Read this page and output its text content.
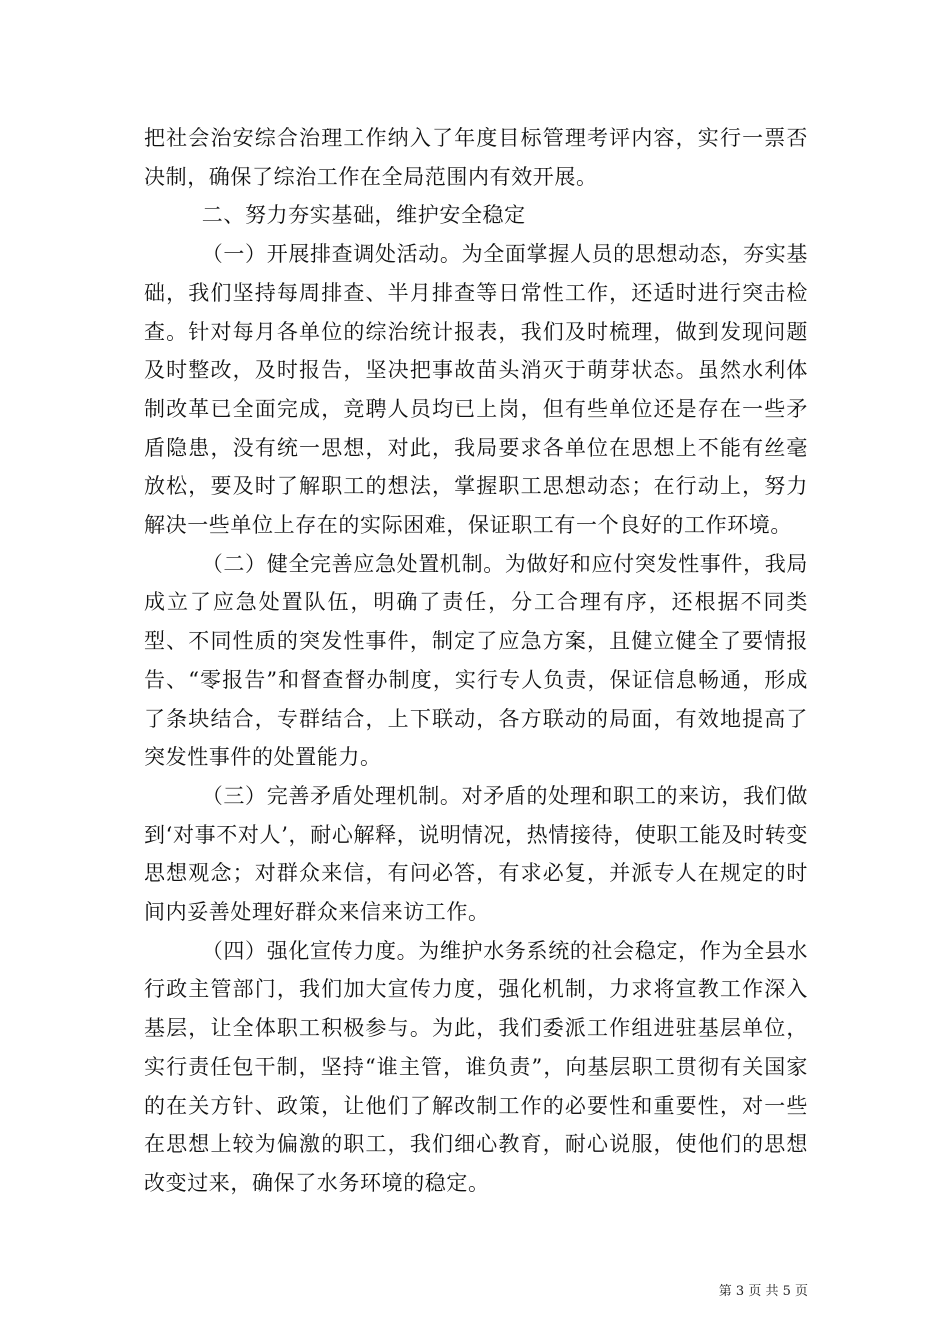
把社会治安综合治理工作纳入了年度目标管理考评内容，实行一票否决制，确保了综治工作在全局范围内有效开展。

二、努力夯实基础，维护安全稳定

（一）开展排查调处活动。为全面掌握人员的思想动态，夯实基础，我们坚持每周排查、半月排查等日常性工作，还适时进行突击检查。针对每月各单位的综治统计报表，我们及时梳理，做到发现问题及时整改，及时报告，坚决把事故苗头消灭于萌芽状态。虽然水利体制改革已全面完成，竞聘人员均已上岗，但有些单位还是存在一些矛盾隐患，没有统一思想，对此，我局要求各单位在思想上不能有丝毫放松，要及时了解职工的想法，掌握职工思想动态；在行动上，努力解决一些单位上存在的实际困难，保证职工有一个良好的工作环境。

（二）健全完善应急处置机制。为做好和应付突发性事件，我局成立了应急处置队伍，明确了责任，分工合理有序，还根据不同类型、不同性质的突发性事件，制定了应急方案，且健立健全了要情报告、“零报告”和督查督办制度，实行专人负责，保证信息畅通，形成了条块结合，专群结合，上下联动，各方联动的局面，有效地提高了突发性事件的处置能力。

（三）完善矛盾处理机制。对矛盾的处理和职工的来访，我们做到‘对事不对人’，耐心解释，说明情况，热情接待，使职工能及时转变思想观念；对群众来信，有问必答，有求必复，并派专人在规定的时间内妥善处理好群众来信来访工作。

（四）强化宣传力度。为维护水务系统的社会稳定，作为全县水行政主管部门，我们加大宣传力度，强化机制，力求将宣教工作深入基层，让全体职工积极参与。为此，我们委派工作组进驻基层单位，实行责任包干制，坚持“谁主管，谁负责”，向基层职工贯彻有关国家的在关方针、政策，让他们了解改制工作的必要性和重要性，对一些在思想上较为偏激的职工，我们细心教育，耐心说服，使他们的思想改变过来，确保了水务环境的稳定。

第 3 页 共 5 页
